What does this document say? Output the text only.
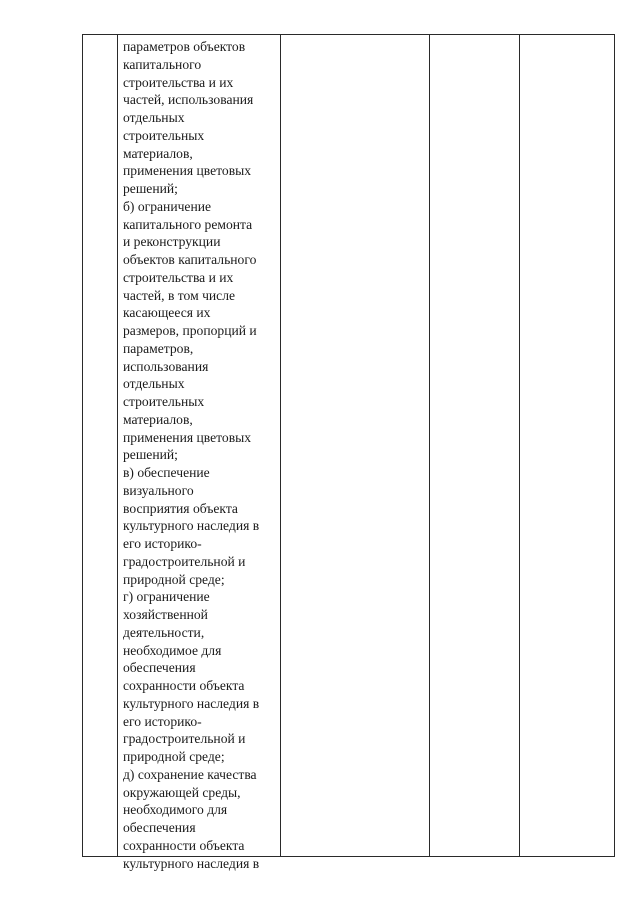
параметров объектов
капитального
строительства и их
частей, использования
отдельных
строительных
материалов,
применения цветовых
решений;
б) ограничение
капитального ремонта
и реконструкции
объектов капитального
строительства и их
частей, в том числе
касающееся их
размеров, пропорций и
параметров,
использования
отдельных
строительных
материалов,
применения цветовых
решений;
в) обеспечение
визуального
восприятия объекта
культурного наследия в
его историко-
градостроительной и
природной среде;
г) ограничение
хозяйственной
деятельности,
необходимое для
обеспечения
сохранности объекта
культурного наследия в
его историко-
градостроительной и
природной среде;
д) сохранение качества
окружающей среды,
необходимого для
обеспечения
сохранности объекта
культурного наследия в
